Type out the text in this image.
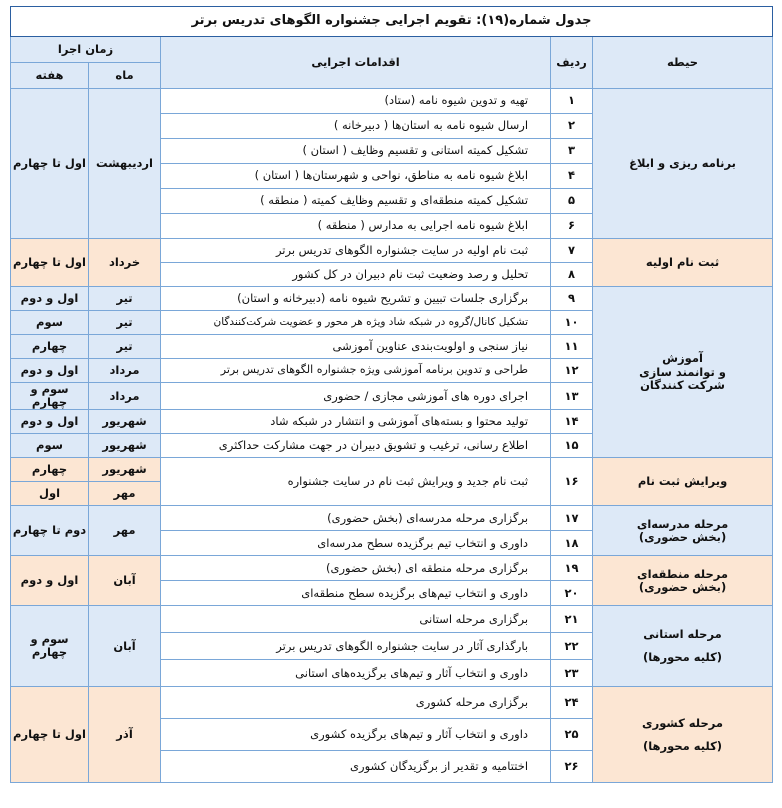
جدول شماره(۱۹): تقویم اجرایی جشنواره الگوهای تدریس برتر				
حیطه	ردیف	اقدامات اجرایی	زمان اجرا	
			ماه	هفته
برنامه ریزی و ابلاغ	۱	تهیه و تدوین شیوه نامه (ستاد)	اردیبهشت	اول تا چهارم
	۲	ارسال شیوه نامه به استان‌ها ( دبیرخانه )		
	۳	تشکیل کمیته استانی و تقسیم وظایف ( استان )		
	۴	ابلاغ شیوه نامه به مناطق، نواحی و شهرستان‌ها ( استان )		
	۵	تشکیل کمیته منطقه‌ای و تقسیم وظایف کمیته ( منطقه )		
	۶	ابلاغ شیوه نامه اجرایی به مدارس ( منطقه )		
ثبت نام اولیه	۷	ثبت نام اولیه در سایت جشنواره الگوهای تدریس برتر	خرداد	اول تا چهارم
	۸	تحلیل و رصد وضعیت ثبت نام دبیران در کل کشور		

آموزش
و توانمند سازی
شرکت کنندگان	۹	برگزاری جلسات تبیین و تشریح شیوه نامه (دبیرخانه و استان)	تیر	اول و دوم
	۱۰	تشکیل کانال/گروه در شبکه شاد ویژه هر محور و عضویت شرکت‌کنندگان	تیر	سوم
	۱۱	نیاز سنجی و اولویت‌بندی عناوین آموزشی	تیر	چهارم
	۱۲	طراحی و تدوین برنامه آموزشی ویژه جشنواره الگوهای تدریس برتر	مرداد	اول و دوم
	۱۳	اجرای دوره های آموزشی مجازی / حضوری	مرداد	سوم و چهارم
	۱۴	تولید محتوا و بسته‌های آموزشی و انتشار در شبکه شاد	شهریور	اول و دوم
	۱۵	اطلاع رسانی، ترغیب و تشویق دبیران در جهت مشارکت حداکثری	شهریور	سوم
ویرایش ثبت نام	۱۶	ثبت نام جدید و ویرایش ثبت نام در سایت جشنواره	شهریور	چهارم
			مهر	اول

مرحله مدرسه‌ای
(بخش حضوری)	۱۷	برگزاری مرحله مدرسه‌ای (بخش حضوری)	مهر	دوم تا چهارم
	۱۸	داوری و انتخاب تیم برگزیده سطح مدرسه‌ای		

مرحله منطقه‌ای
(بخش حضوری)	۱۹	برگزاری مرحله منطقه ای (بخش حضوری)	آبان	اول و دوم
	۲۰	داوری و انتخاب تیم‌های برگزیده سطح منطقه‌ای		

مرحله استانی
(کلیه محورها)	۲۱	برگزاری مرحله استانی	آبان	سوم و چهارم
	۲۲	بارگذاری آثار در سایت جشنواره الگوهای تدریس برتر		
	۲۳	داوری و انتخاب آثار و تیم‌های برگزیده‌های استانی		

مرحله کشوری
(کلیه محورها)	۲۴	برگزاری مرحله کشوری	آذر	اول تا چهارم
	۲۵	داوری و انتخاب آثار و تیم‌های برگزیده کشوری		
	۲۶	اختتامیه و تقدیر از برگزیدگان کشوری		
